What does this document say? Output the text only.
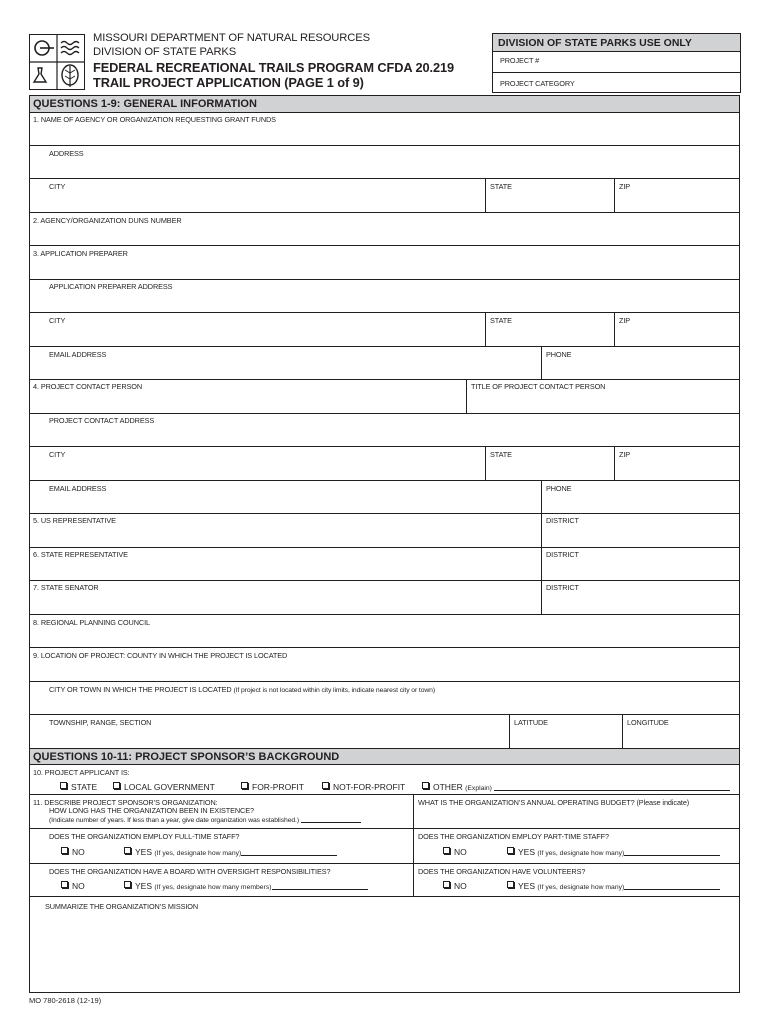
MISSOURI DEPARTMENT OF NATURAL RESOURCES
DIVISION OF STATE PARKS
FEDERAL RECREATIONAL TRAILS PROGRAM CFDA 20.219
TRAIL PROJECT APPLICATION (PAGE 1 of 9)
DIVISION OF STATE PARKS USE ONLY
PROJECT #
PROJECT CATEGORY
QUESTIONS 1-9: GENERAL INFORMATION
1. NAME OF AGENCY OR ORGANIZATION REQUESTING GRANT FUNDS
ADDRESS
CITY	STATE	ZIP
2. AGENCY/ORGANIZATION DUNS NUMBER
3. APPLICATION PREPARER
APPLICATION PREPARER ADDRESS
CITY	STATE	ZIP
EMAIL ADDRESS	PHONE
4. PROJECT CONTACT PERSON	TITLE OF PROJECT CONTACT PERSON
PROJECT CONTACT ADDRESS
CITY	STATE	ZIP
EMAIL ADDRESS	PHONE
5. US REPRESENTATIVE	DISTRICT
6. STATE REPRESENTATIVE	DISTRICT
7. STATE SENATOR	DISTRICT
8. REGIONAL PLANNING COUNCIL
9. LOCATION OF PROJECT: COUNTY IN WHICH THE PROJECT IS LOCATED
CITY OR TOWN IN WHICH THE PROJECT IS LOCATED (If project is not located within city limits, indicate nearest city or town)
TOWNSHIP, RANGE, SECTION	LATITUDE	LONGITUDE
QUESTIONS 10-11: PROJECT SPONSOR’S BACKGROUND
10. PROJECT APPLICANT IS:
STATE	LOCAL GOVERNMENT	FOR-PROFIT	NOT-FOR-PROFIT	OTHER (Explain)
11. DESCRIBE PROJECT SPONSOR’S ORGANIZATION:
HOW LONG HAS THE ORGANIZATION BEEN IN EXISTENCE?
(Indicate number of years. If less than a year, give date organization was established.)
WHAT IS THE ORGANIZATION’S ANNUAL OPERATING BUDGET? (Please indicate)
DOES THE ORGANIZATION EMPLOY FULL-TIME STAFF?
NO	YES (If yes, designate how many)
DOES THE ORGANIZATION EMPLOY PART-TIME STAFF?
NO	YES (If yes, designate how many)
DOES THE ORGANIZATION HAVE A BOARD WITH OVERSIGHT RESPONSIBILITIES?
NO	YES (If yes, designate how many members)
DOES THE ORGANIZATION HAVE VOLUNTEERS?
NO	YES (If yes, designate how many)
SUMMARIZE THE ORGANIZATION’S MISSION
MO 780-2618 (12-19)
